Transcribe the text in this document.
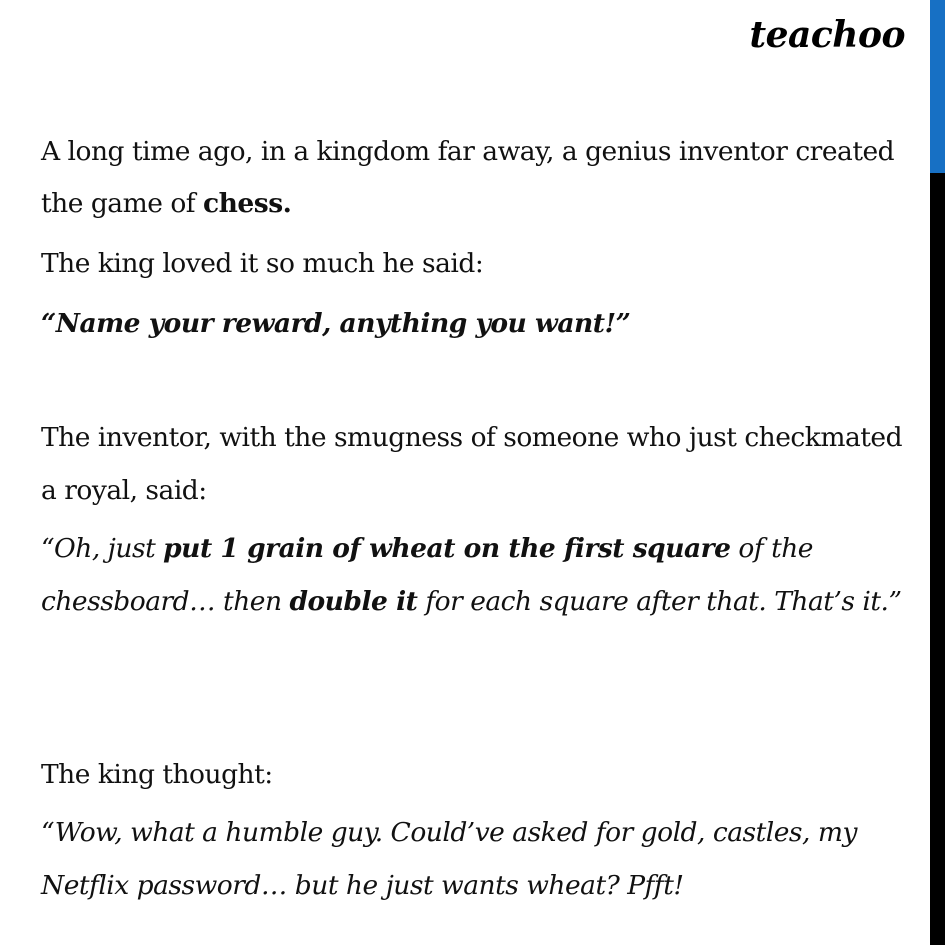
teachoo

A long time ago, in a kingdom far away, a genius inventor created

the game of chess.

The king loved it so much he said:

“Name your reward, anything you want!”

The inventor, with the smugness of someone who just checkmated

a royal, said:

“Oh, just put 1 grain of wheat on the first square of the

chessboard… then double it for each square after that. That’s it.”

The king thought:

“Wow, what a humble guy. Could’ve asked for gold, castles, my

Netflix password… but he just wants wheat? Pfft!
